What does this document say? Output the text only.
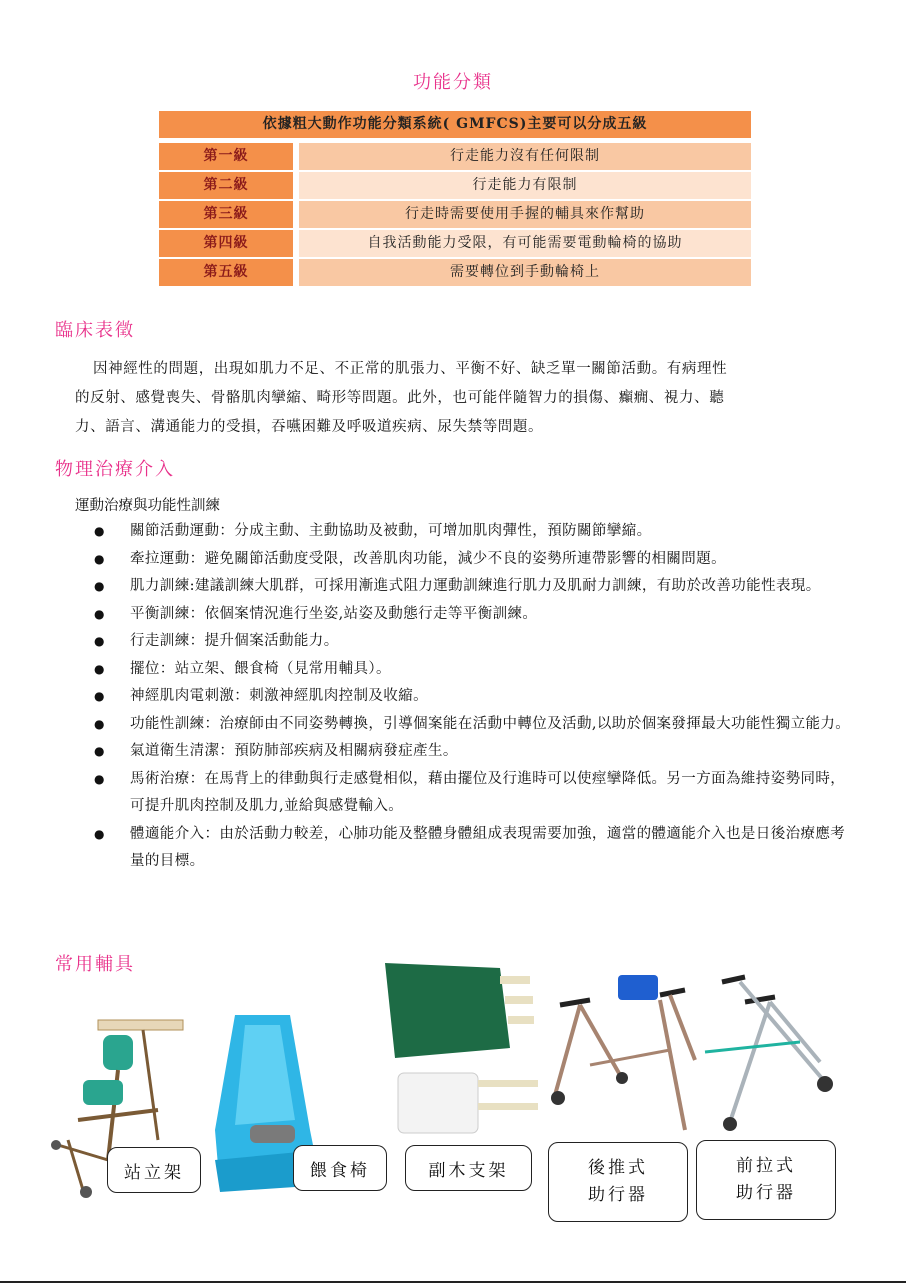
功能分類
依據粗大動作功能分類系統( GMFCS)主要可以分成五級
第一級	行走能力沒有任何限制
第二級	行走能力有限制
第三級	行走時需要使用手握的輔具來作幫助
第四級	自我活動能力受限，有可能需要電動輪椅的協助
第五級	需要轉位到手動輪椅上
臨床表徵
因神經性的問題，出現如肌力不足、不正常的肌張力、平衡不好、缺乏單一關節活動。有病理性
的反射、感覺喪失、骨骼肌肉攣縮、畸形等問題。此外，也可能伴隨智力的損傷、癲癇、視力、聽
力、語言、溝通能力的受損，吞嚥困難及呼吸道疾病、尿失禁等問題。
物理治療介入
運動治療與功能性訓練
● 關節活動運動：分成主動、主動協助及被動，可增加肌肉彈性，預防關節攣縮。
● 牽拉運動：避免關節活動度受限，改善肌肉功能，減少不良的姿勢所連帶影響的相關問題。
● 肌力訓練:建議訓練大肌群，可採用漸進式阻力運動訓練進行肌力及肌耐力訓練，有助於改善功能性表現。
● 平衡訓練：依個案情況進行坐姿,站姿及動態行走等平衡訓練。
● 行走訓練：提升個案活動能力。
● 擺位：站立架、餵食椅（見常用輔具）。
● 神經肌肉電刺激：刺激神經肌肉控制及收縮。
● 功能性訓練：治療師由不同姿勢轉換，引導個案能在活動中轉位及活動,以助於個案發揮最大功能性獨立能力。
● 氣道衛生清潔：預防肺部疾病及相關病發症產生。
● 馬術治療：在馬背上的律動與行走感覺相似，藉由擺位及行進時可以使痙攣降低。另一方面為維持姿勢同時，可提升肌肉控制及肌力,並給與感覺輸入。
● 體適能介入：由於活動力較差，心肺功能及整體身體組成表現需要加強，適當的體適能介入也是日後治療應考量的目標。
常用輔具
站立架	餵食椅	副木支架	後推式
助行器
前拉式
助行器
